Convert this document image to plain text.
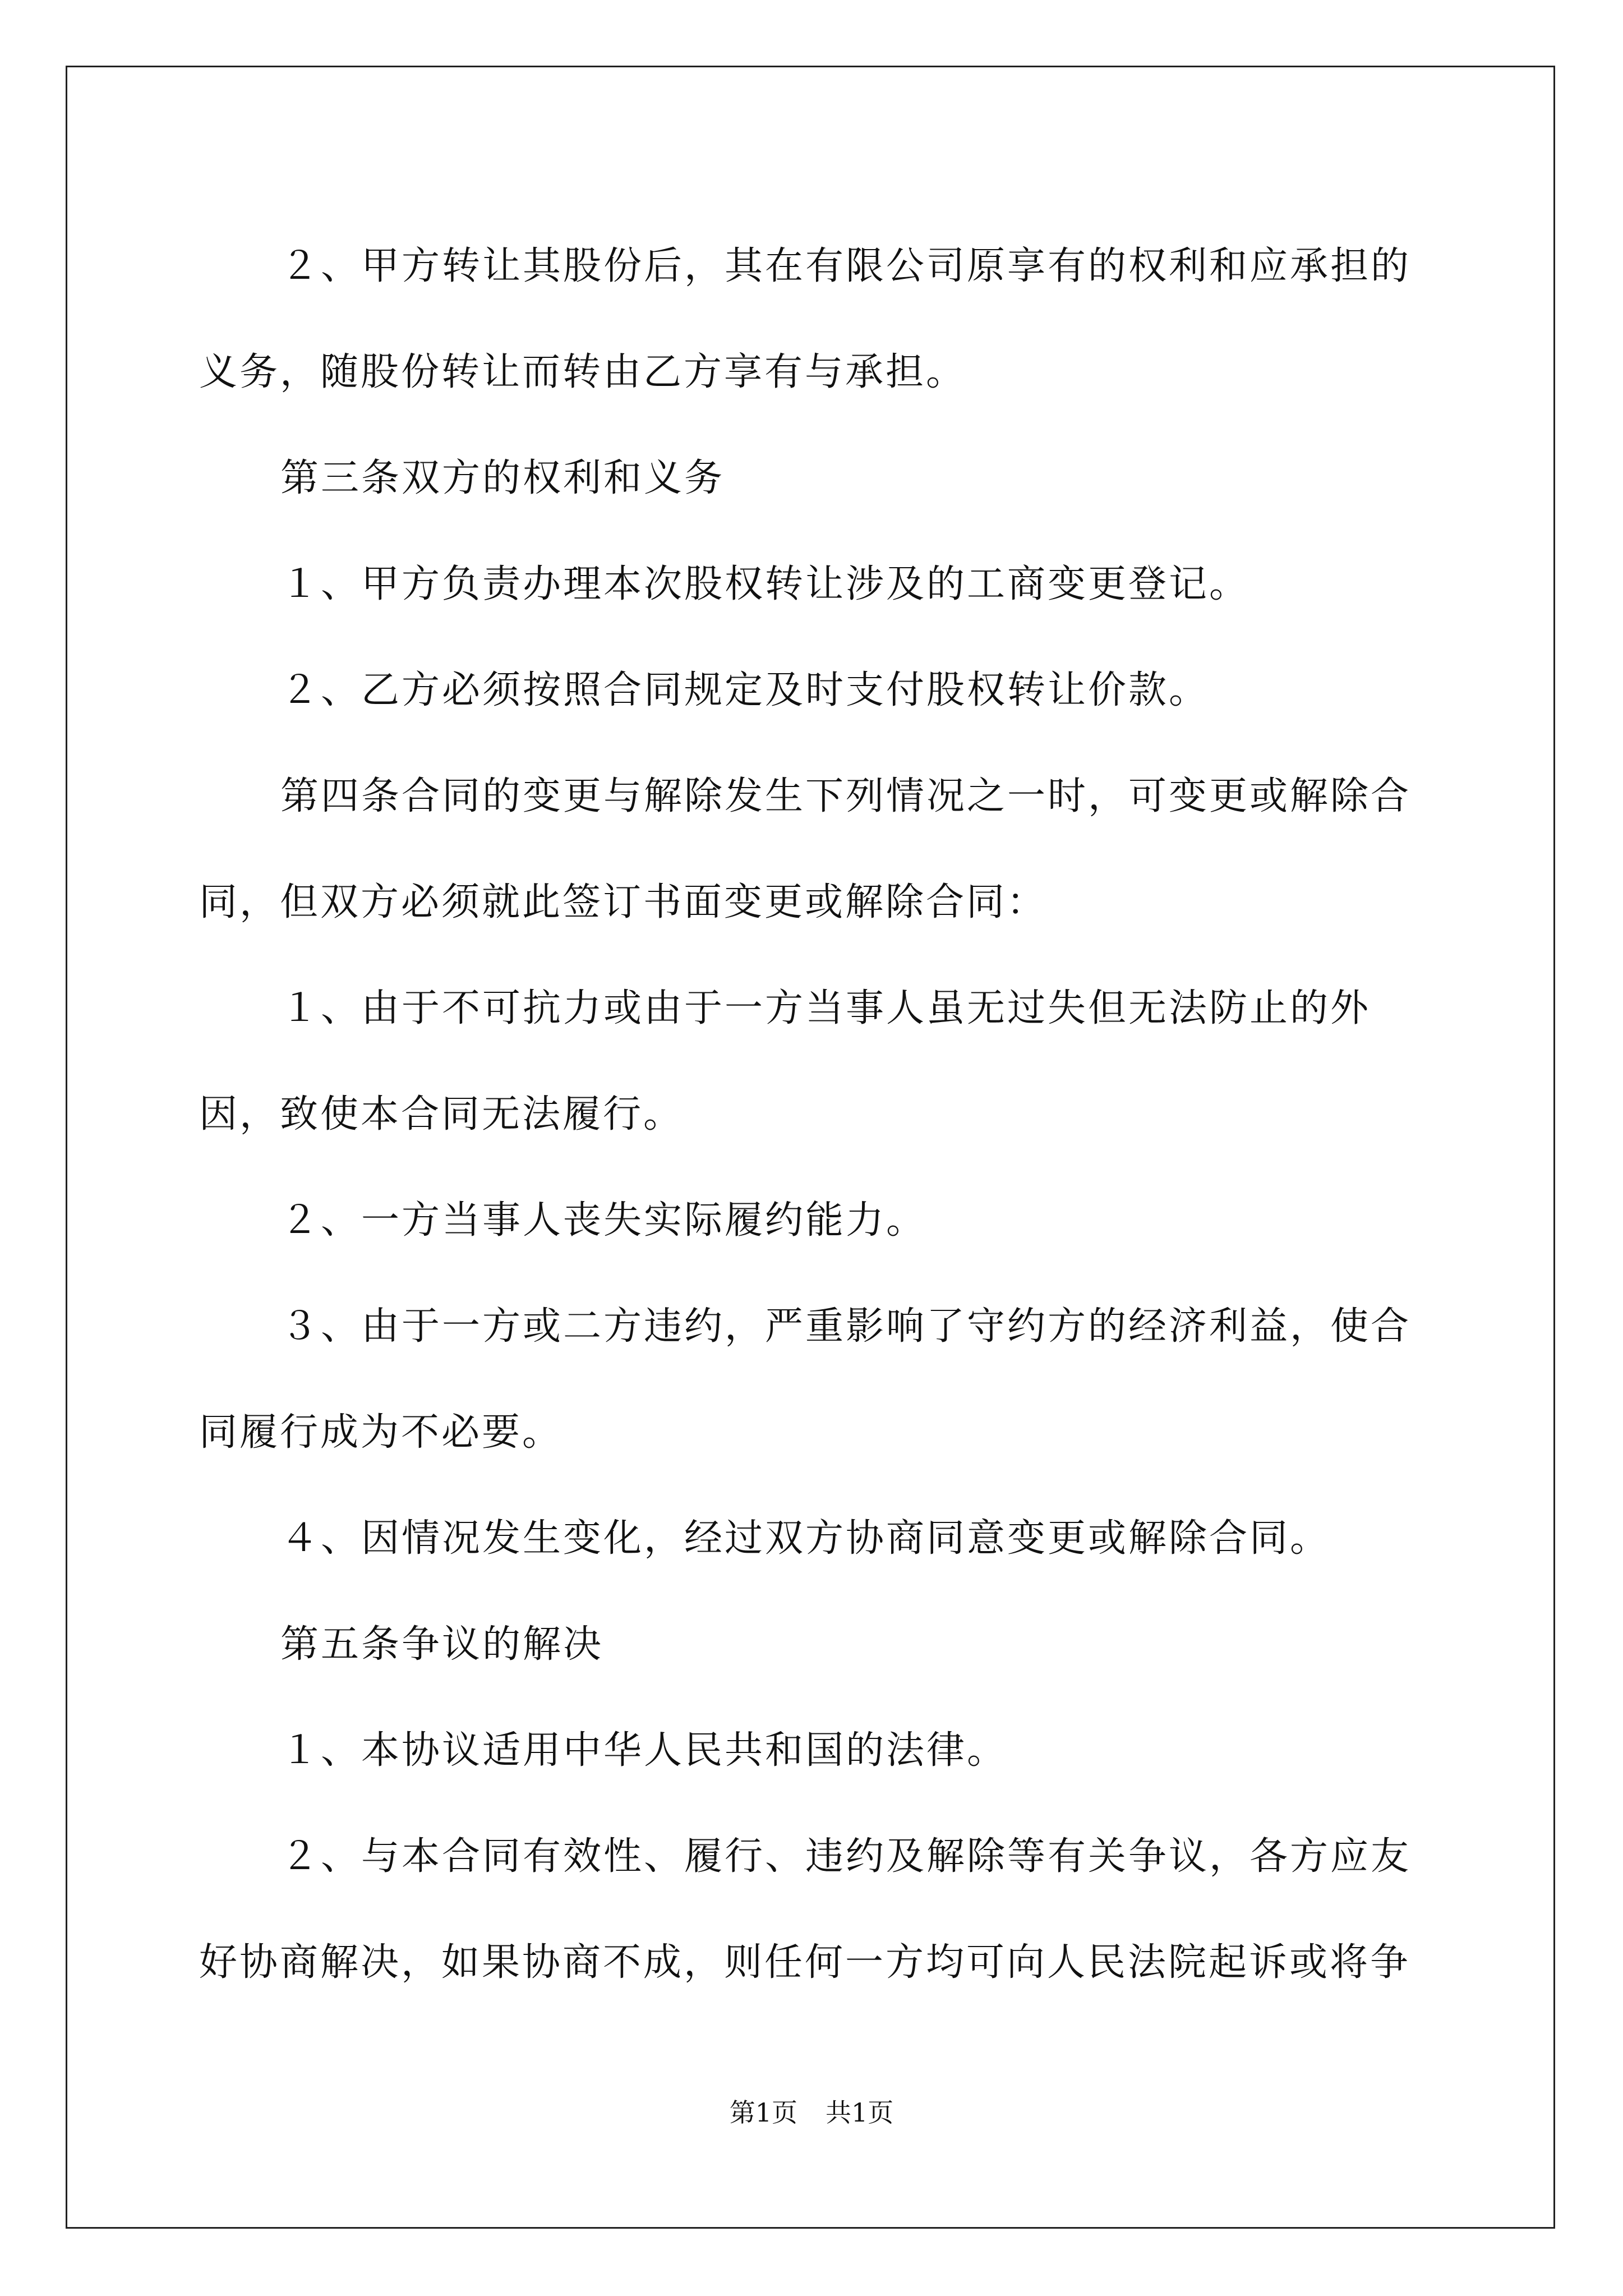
２、甲方转让其股份后，其在有限公司原享有的权利和应承担的义务，随股份转让而转由乙方享有与承担。

第三条双方的权利和义务

１、甲方负责办理本次股权转让涉及的工商变更登记。

２、乙方必须按照合同规定及时支付股权转让价款。

第四条合同的变更与解除发生下列情况之一时，可变更或解除合同，但双方必须就此签订书面变更或解除合同：

１、由于不可抗力或由于一方当事人虽无过失但无法防止的外因，致使本合同无法履行。

２、一方当事人丧失实际履约能力。

３、由于一方或二方违约，严重影响了守约方的经济利益，使合同履行成为不必要。

４、因情况发生变化，经过双方协商同意变更或解除合同。

第五条争议的解决

１、本协议适用中华人民共和国的法律。

２、与本合同有效性、履行、违约及解除等有关争议，各方应友好协商解决，如果协商不成，则任何一方均可向人民法院起诉或将争

第1页 共1页
